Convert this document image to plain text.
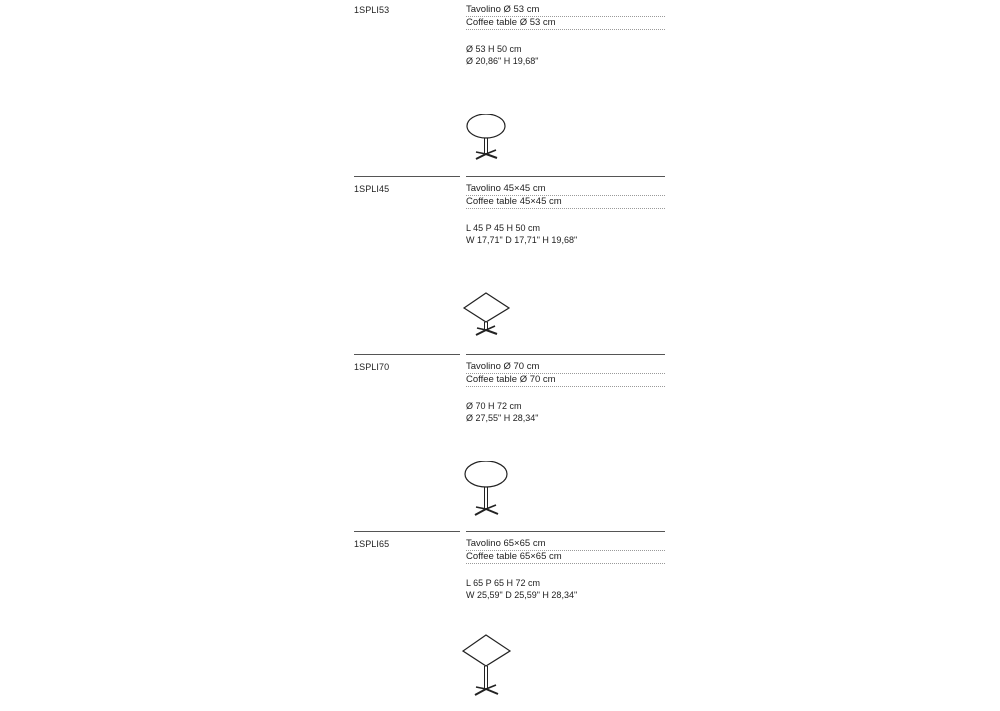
1SPLI53	Tavolino Ø 53 cm
Coffee table Ø 53 cm
Ø 53 H 50 cm
Ø 20,86" H 19,68"
1SPLI45	Tavolino 45×45 cm
Coffee table 45×45 cm
L 45 P 45 H 50 cm
W 17,71" D 17,71" H 19,68"
1SPLI70	Tavolino Ø 70 cm
Coffee table Ø 70 cm
Ø 70 H 72 cm
Ø 27,55" H 28,34"
1SPLI65	Tavolino 65×65 cm
Coffee table 65×65 cm
L 65 P 65 H 72 cm
W 25,59" D 25,59" H 28,34"
